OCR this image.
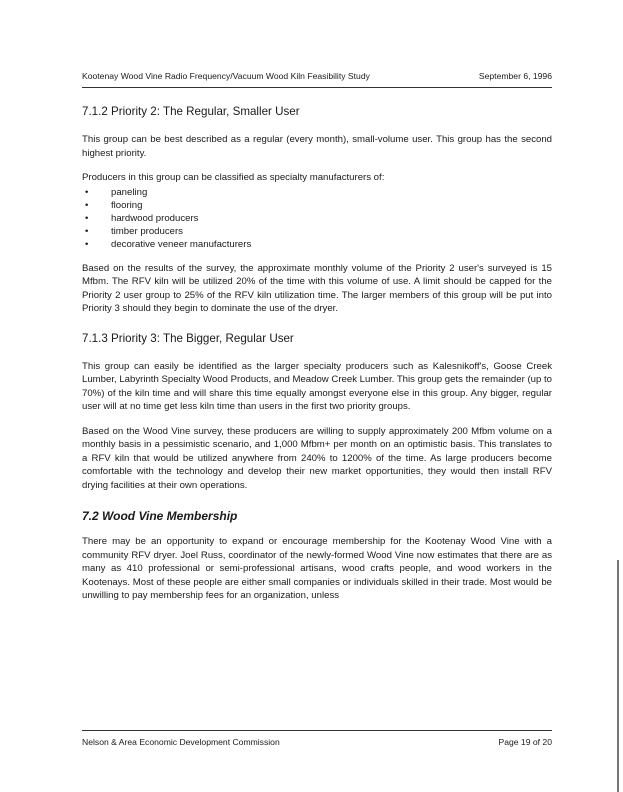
Kootenay Wood Vine Radio Frequency/Vacuum Wood Kiln Feasibility Study	September 6, 1996
7.1.2 Priority 2: The Regular, Smaller User

This group can be best described as a regular (every month), small-volume user. This group has the second highest priority.

Producers in this group can be classified as specialty manufacturers of:

•	paneling
•	flooring
•	hardwood producers
•	timber producers
•	decorative veneer manufacturers

Based on the results of the survey, the approximate monthly volume of the Priority 2 user's surveyed is 15 Mfbm. The RFV kiln will be utilized 20% of the time with this volume of use. A limit should be capped for the Priority 2 user group to 25% of the RFV kiln utilization time. The larger members of this group will be put into Priority 3 should they begin to dominate the use of the dryer.

7.1.3 Priority 3: The Bigger, Regular User

This group can easily be identified as the larger specialty producers such as Kalesnikoff's, Goose Creek Lumber, Labyrinth Specialty Wood Products, and Meadow Creek Lumber. This group gets the remainder (up to 70%) of the kiln time and will share this time equally amongst everyone else in this group. Any bigger, regular user will at no time get less kiln time than users in the first two priority groups.

Based on the Wood Vine survey, these producers are willing to supply approximately 200 Mfbm volume on a monthly basis in a pessimistic scenario, and 1,000 Mfbm+ per month on an optimistic basis. This translates to a RFV kiln that would be utilized anywhere from 240% to 1200% of the time. As large producers become comfortable with the technology and develop their new market opportunities, they would then install RFV drying facilities at their own operations.

7.2 Wood Vine Membership

There may be an opportunity to expand or encourage membership for the Kootenay Wood Vine with a community RFV dryer. Joel Russ, coordinator of the newly-formed Wood Vine now estimates that there are as many as 410 professional or semi-professional artisans, wood crafts people, and wood workers in the Kootenays. Most of these people are either small companies or individuals skilled in their trade. Most would be unwilling to pay membership fees for an organization, unless

Nelson & Area Economic Development Commission	Page 19 of 20
